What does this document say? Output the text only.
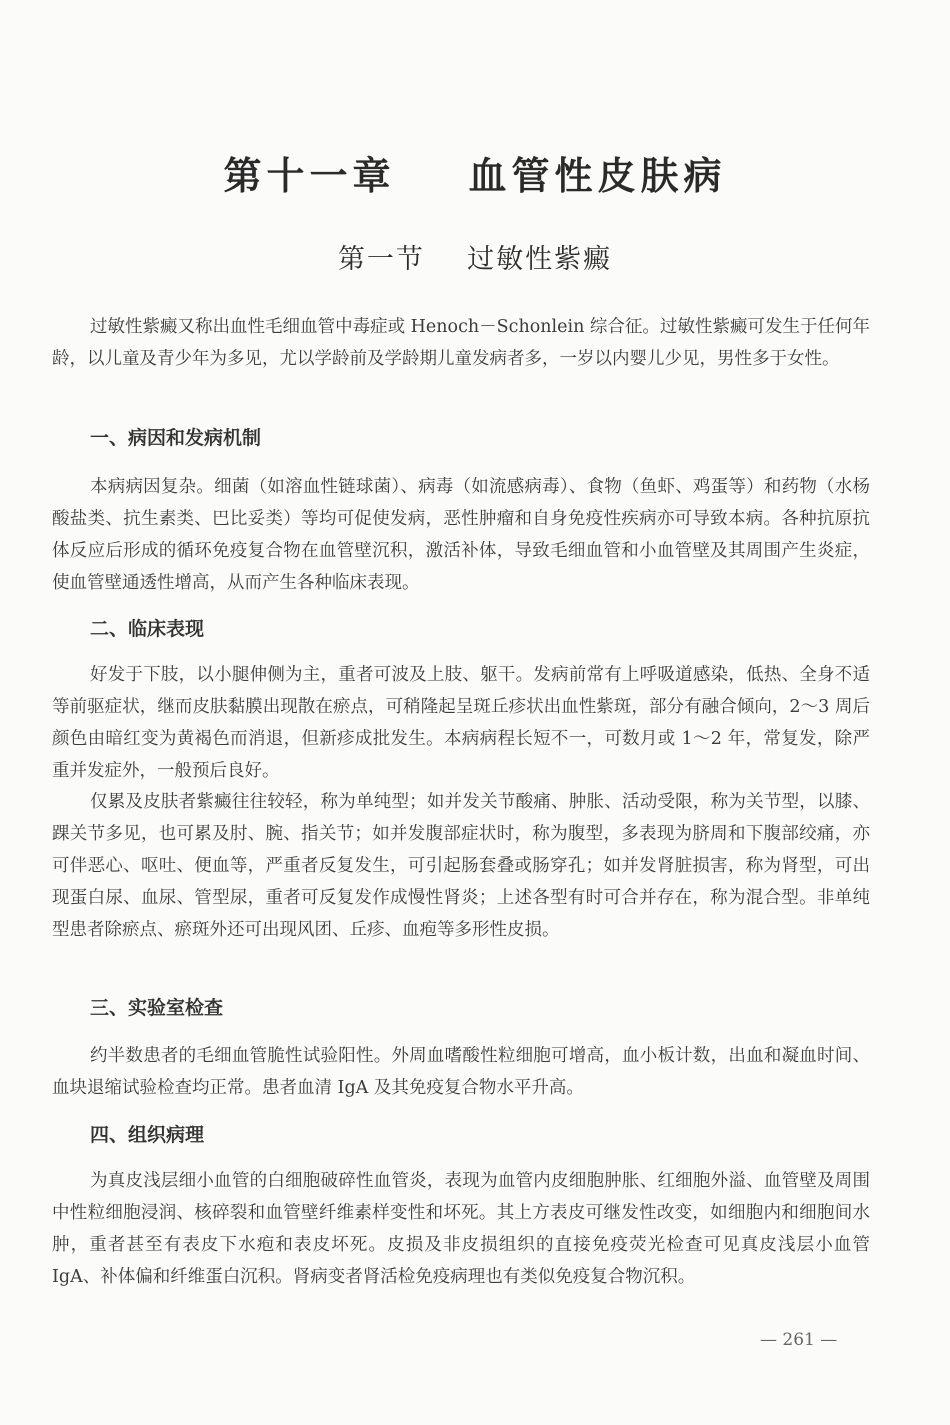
第十一章    血管性皮肤病
第一节    过敏性紫癜

过敏性紫癜又称出血性毛细血管中毒症或 Henoch－Schonlein 综合征。过敏性紫癜可发生于任何年龄，以儿童及青少年为多见，尤以学龄前及学龄期儿童发病者多，一岁以内婴儿少见，男性多于女性。

一、病因和发病机制

本病病因复杂。细菌（如溶血性链球菌）、病毒（如流感病毒）、食物（鱼虾、鸡蛋等）和药物（水杨酸盐类、抗生素类、巴比妥类）等均可促使发病，恶性肿瘤和自身免疫性疾病亦可导致本病。各种抗原抗体反应后形成的循环免疫复合物在血管壁沉积，激活补体，导致毛细血管和小血管壁及其周围产生炎症，使血管壁通透性增高，从而产生各种临床表现。

二、临床表现

好发于下肢，以小腿伸侧为主，重者可波及上肢、躯干。发病前常有上呼吸道感染，低热、全身不适等前驱症状，继而皮肤黏膜出现散在瘀点，可稍隆起呈斑丘疹状出血性紫斑，部分有融合倾向，2～3 周后颜色由暗红变为黄褐色而消退，但新疹成批发生。本病病程长短不一，可数月或 1～2 年，常复发，除严重并发症外，一般预后良好。

仅累及皮肤者紫癜往往较轻，称为单纯型；如并发关节酸痛、肿胀、活动受限，称为关节型，以膝、踝关节多见，也可累及肘、腕、指关节；如并发腹部症状时，称为腹型，多表现为脐周和下腹部绞痛，亦可伴恶心、呕吐、便血等，严重者反复发生，可引起肠套叠或肠穿孔；如并发肾脏损害，称为肾型，可出现蛋白尿、血尿、管型尿，重者可反复发作成慢性肾炎；上述各型有时可合并存在，称为混合型。非单纯型患者除瘀点、瘀斑外还可出现风团、丘疹、血疱等多形性皮损。

三、实验室检查

约半数患者的毛细血管脆性试验阳性。外周血嗜酸性粒细胞可增高，血小板计数，出血和凝血时间、血块退缩试验检查均正常。患者血清 IgA 及其免疫复合物水平升高。

四、组织病理

为真皮浅层细小血管的白细胞破碎性血管炎，表现为血管内皮细胞肿胀、红细胞外溢、血管壁及周围中性粒细胞浸润、核碎裂和血管壁纤维素样变性和坏死。其上方表皮可继发性改变，如细胞内和细胞间水肿，重者甚至有表皮下水疱和表皮坏死。皮损及非皮损组织的直接免疫荧光检查可见真皮浅层小血管 IgA、补体偏和纤维蛋白沉积。肾病变者肾活检免疫病理也有类似免疫复合物沉积。

— 261 —
